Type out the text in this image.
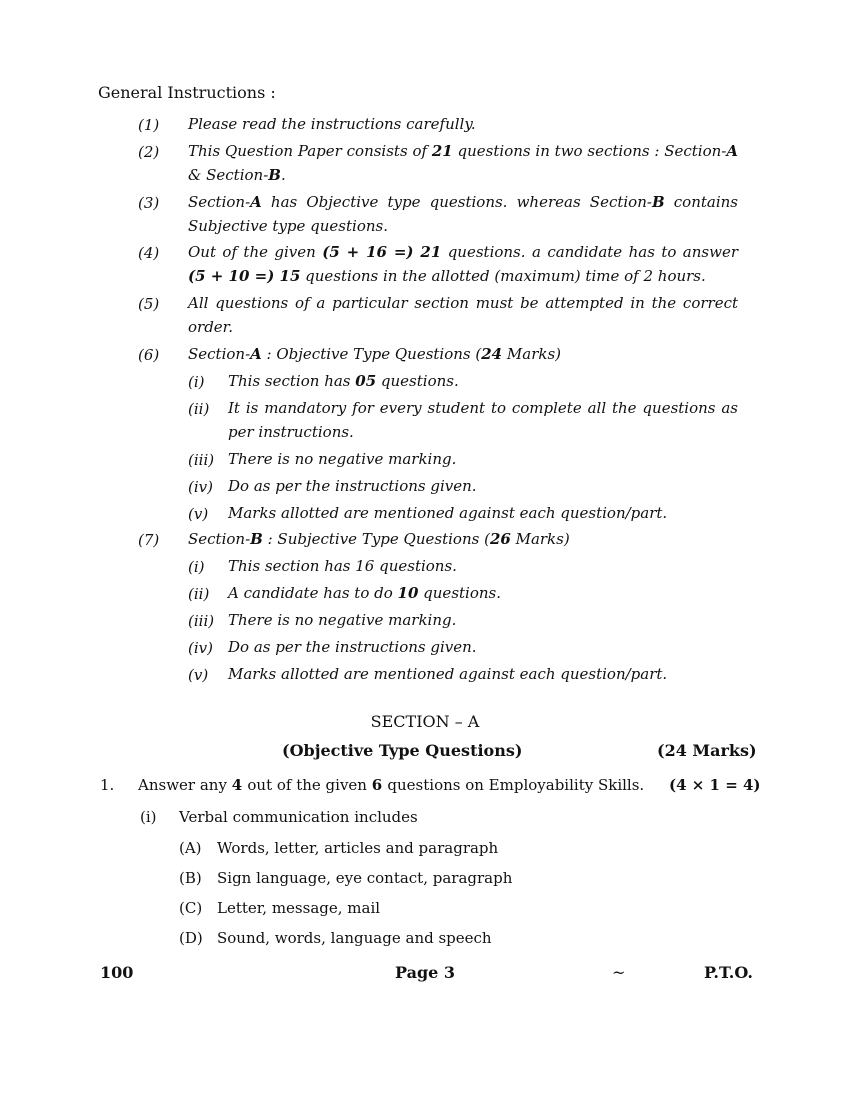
General Instructions :
(1) Please read the instructions carefully.
(2) This Question Paper consists of 21 questions in two sections : Section-A
& Section-B.
(3) Section-A has Objective type questions. whereas Section-B contains
Subjective type questions.
(4) Out of the given (5 + 16 =) 21 questions. a candidate has to answer
(5 + 10 =) 15 questions in the allotted (maximum) time of 2 hours.
(5) All questions of a particular section must be attempted in the correct
order.
(6) Section-A : Objective Type Questions (24 Marks)
(i) This section has 05 questions.
(ii) It is mandatory for every student to complete all the questions as
per instructions.
(iii) There is no negative marking.
(iv) Do as per the instructions given.
(v) Marks allotted are mentioned against each question/part.
(7) Section-B : Subjective Type Questions (26 Marks)
(i) This section has 16 questions.
(ii) A candidate has to do 10 questions.
(iii) There is no negative marking.
(iv) Do as per the instructions given.
(v) Marks allotted are mentioned against each question/part.
SECTION – A
(Objective Type Questions)	(24 Marks)
1. Answer any 4 out of the given 6 questions on Employability Skills. (4 × 1 = 4)
(i) Verbal communication includes
(A) Words, letter, articles and paragraph
(B) Sign language, eye contact, paragraph
(C) Letter, message, mail
(D) Sound, words, language and speech
100	Page 3	~	P.T.O.
